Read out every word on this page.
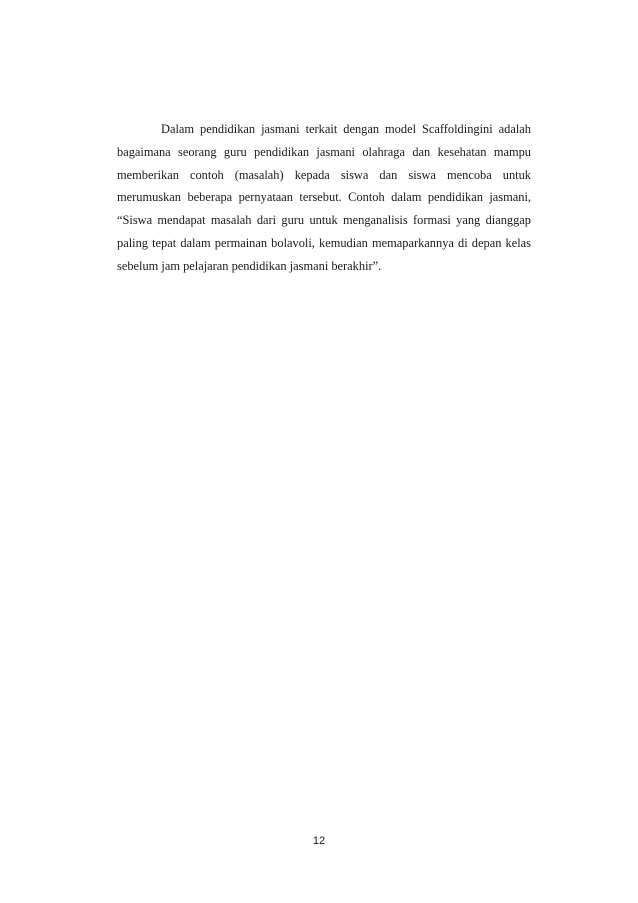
Dalam pendidikan jasmani terkait dengan model Scaffoldingini adalah
bagaimana seorang guru pendidikan jasmani olahraga dan kesehatan mampu
memberikan contoh (masalah) kepada siswa dan siswa mencoba untuk
merumuskan beberapa pernyataan tersebut. Contoh dalam pendidikan jasmani,
“Siswa mendapat masalah dari guru untuk menganalisis formasi yang dianggap
paling tepat dalam permainan bolavoli, kemudian memaparkannya di depan kelas
sebelum jam pelajaran pendidikan jasmani berakhir”.
12
